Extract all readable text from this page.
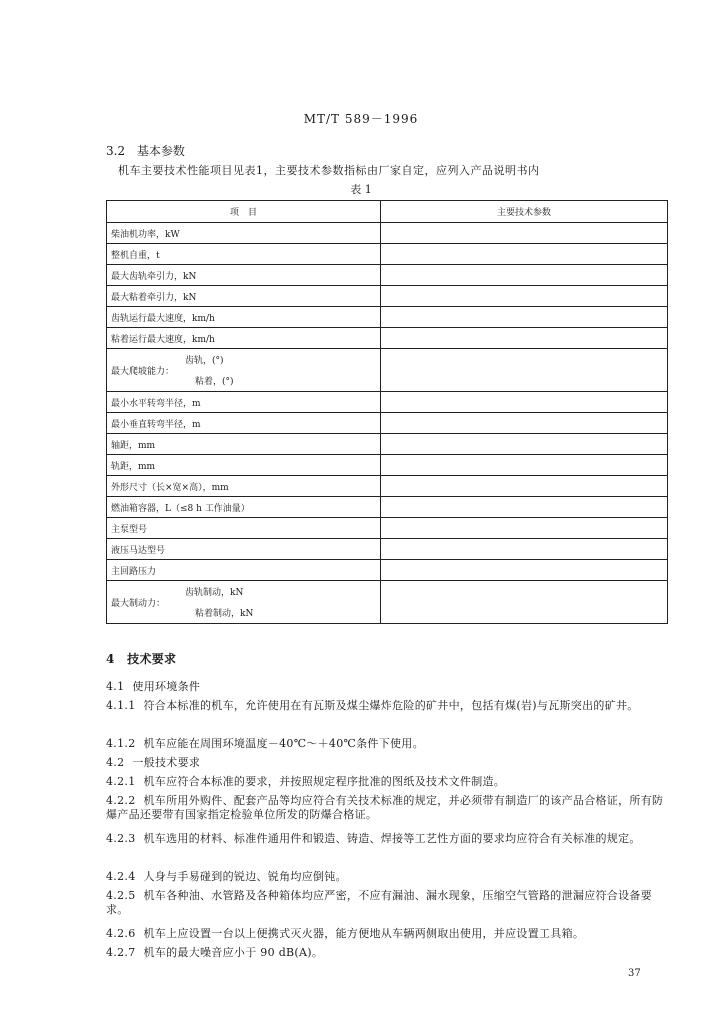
MT/T 589－1996
3.2 基本参数
机车主要技术性能项目见表1，主要技术参数指标由厂家自定，应列入产品说明书内
表 1
项　目	主要技术参数
柴油机功率，kW	
整机自重，t	
最大齿轨牵引力，kN	
最大粘着牵引力，kN	
齿轨运行最大速度，km/h	
粘着运行最大速度，km/h	

最大爬坡能力：
齿轨，(°)
粘着，(°)	

最小水平转弯半径，m	
最小垂直转弯半径，m	
轴距，mm	
轨距，mm	
外形尺寸（长×宽×高），mm	
燃油箱容器，L（≤8 h 工作油量）	
主泵型号	
液压马达型号	
主回路压力	

最大制动力：
齿轨制动，kN
粘着制动，kN	

4 技术要求
4.1 使用环境条件
4.1.1 符合本标准的机车，允许使用在有瓦斯及煤尘爆炸危险的矿井中，包括有煤(岩)与瓦斯突出的矿井。
4.1.2 机车应能在周围环境温度－40℃～＋40℃条件下使用。
4.2 一般技术要求
4.2.1 机车应符合本标准的要求，并按照规定程序批准的图纸及技术文件制造。
4.2.2 机车所用外购件、配套产品等均应符合有关技术标准的规定，并必须带有制造厂的该产品合格证，所有防爆产品还要带有国家指定检验单位所发的防爆合格证。
4.2.3 机车选用的材料、标准件通用件和锻造、铸造、焊接等工艺性方面的要求均应符合有关标准的规定。
4.2.4 人身与手易碰到的锐边、锐角均应倒钝。
4.2.5 机车各种油、水管路及各种箱体均应严密，不应有漏油、漏水现象，压缩空气管路的泄漏应符合设备要求。
4.2.6 机车上应设置一台以上便携式灭火器，能方便地从车辆两侧取出使用，并应设置工具箱。
4.2.7 机车的最大噪音应小于 90 dB(A)。
37
